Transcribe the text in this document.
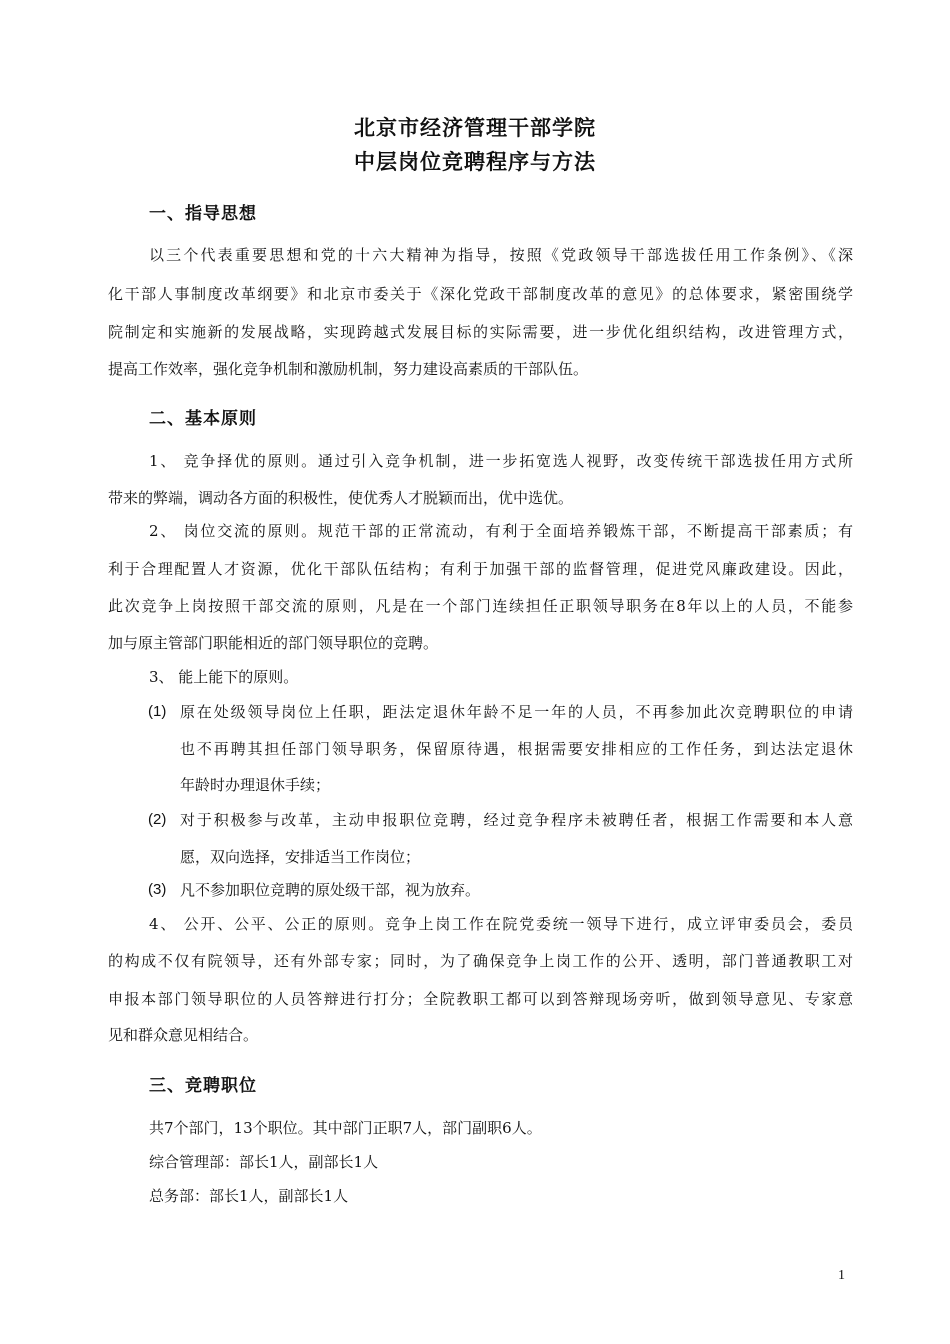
北京市经济管理干部学院
中层岗位竞聘程序与方法
一、指导思想
以三个代表重要思想和党的十六大精神为指导，按照《党政领导干部选拔任用工作条例》、《深
化干部人事制度改革纲要》和北京市委关于《深化党政干部制度改革的意见》的总体要求，紧密围绕学
院制定和实施新的发展战略，实现跨越式发展目标的实际需要，进一步优化组织结构，改进管理方式，
提高工作效率，强化竞争机制和激励机制，努力建设高素质的干部队伍。
二、基本原则
1、 竞争择优的原则。通过引入竞争机制，进一步拓宽选人视野，改变传统干部选拔任用方式所
带来的弊端，调动各方面的积极性，使优秀人才脱颖而出，优中选优。
2、 岗位交流的原则。规范干部的正常流动，有利于全面培养锻炼干部，不断提高干部素质；有
利于合理配置人才资源，优化干部队伍结构；有利于加强干部的监督管理，促进党风廉政建设。因此，
此次竞争上岗按照干部交流的原则，凡是在一个部门连续担任正职领导职务在8年以上的人员，不能参
加与原主管部门职能相近的部门领导职位的竞聘。
3、 能上能下的原则。
(1) 原在处级领导岗位上任职，距法定退休年龄不足一年的人员，不再参加此次竞聘职位的申请
也不再聘其担任部门领导职务，保留原待遇，根据需要安排相应的工作任务，到达法定退休
年龄时办理退休手续；
(2) 对于积极参与改革，主动申报职位竞聘，经过竞争程序未被聘任者，根据工作需要和本人意
愿，双向选择，安排适当工作岗位；
(3) 凡不参加职位竞聘的原处级干部，视为放弃。
4、 公开、公平、公正的原则。竞争上岗工作在院党委统一领导下进行，成立评审委员会，委员
的构成不仅有院领导，还有外部专家；同时，为了确保竞争上岗工作的公开、透明，部门普通教职工对
申报本部门领导职位的人员答辩进行打分；全院教职工都可以到答辩现场旁听，做到领导意见、专家意
见和群众意见相结合。
三、竞聘职位
共7个部门，13个职位。其中部门正职7人，部门副职6人。
综合管理部：部长1人，副部长1人
总务部：部长1人，副部长1人
1
